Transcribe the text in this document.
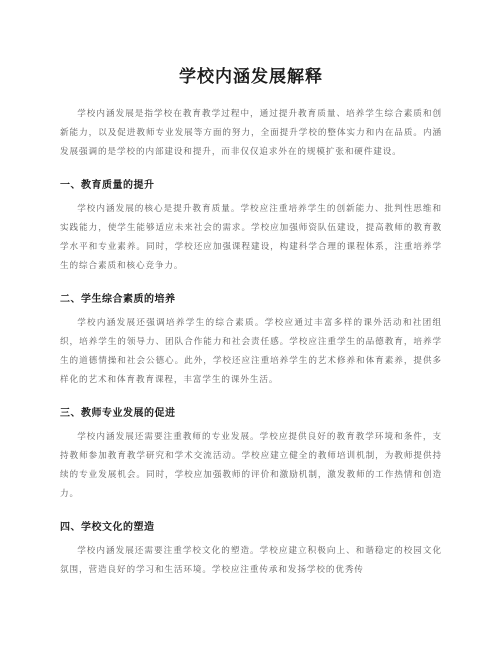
学校内涵发展解释

学校内涵发展是指学校在教育教学过程中，通过提升教育质量、培养学生综合素质和创新能力，以及促进教师专业发展等方面的努力，全面提升学校的整体实力和内在品质。内涵发展强调的是学校的内部建设和提升，而非仅仅追求外在的规模扩张和硬件建设。

一、教育质量的提升

学校内涵发展的核心是提升教育质量。学校应注重培养学生的创新能力、批判性思维和实践能力，使学生能够适应未来社会的需求。学校应加强师资队伍建设，提高教师的教育教学水平和专业素养。同时，学校还应加强课程建设，构建科学合理的课程体系，注重培养学生的综合素质和核心竞争力。

二、学生综合素质的培养

学校内涵发展还强调培养学生的综合素质。学校应通过丰富多样的课外活动和社团组织，培养学生的领导力、团队合作能力和社会责任感。学校应注重学生的品德教育，培养学生的道德情操和社会公德心。此外，学校还应注重培养学生的艺术修养和体育素养，提供多样化的艺术和体育教育课程，丰富学生的课外生活。

三、教师专业发展的促进

学校内涵发展还需要注重教师的专业发展。学校应提供良好的教育教学环境和条件，支持教师参加教育教学研究和学术交流活动。学校应建立健全的教师培训机制，为教师提供持续的专业发展机会。同时，学校应加强教师的评价和激励机制，激发教师的工作热情和创造力。

四、学校文化的塑造

学校内涵发展还需要注重学校文化的塑造。学校应建立积极向上、和谐稳定的校园文化氛围，营造良好的学习和生活环境。学校应注重传承和发扬学校的优秀传
